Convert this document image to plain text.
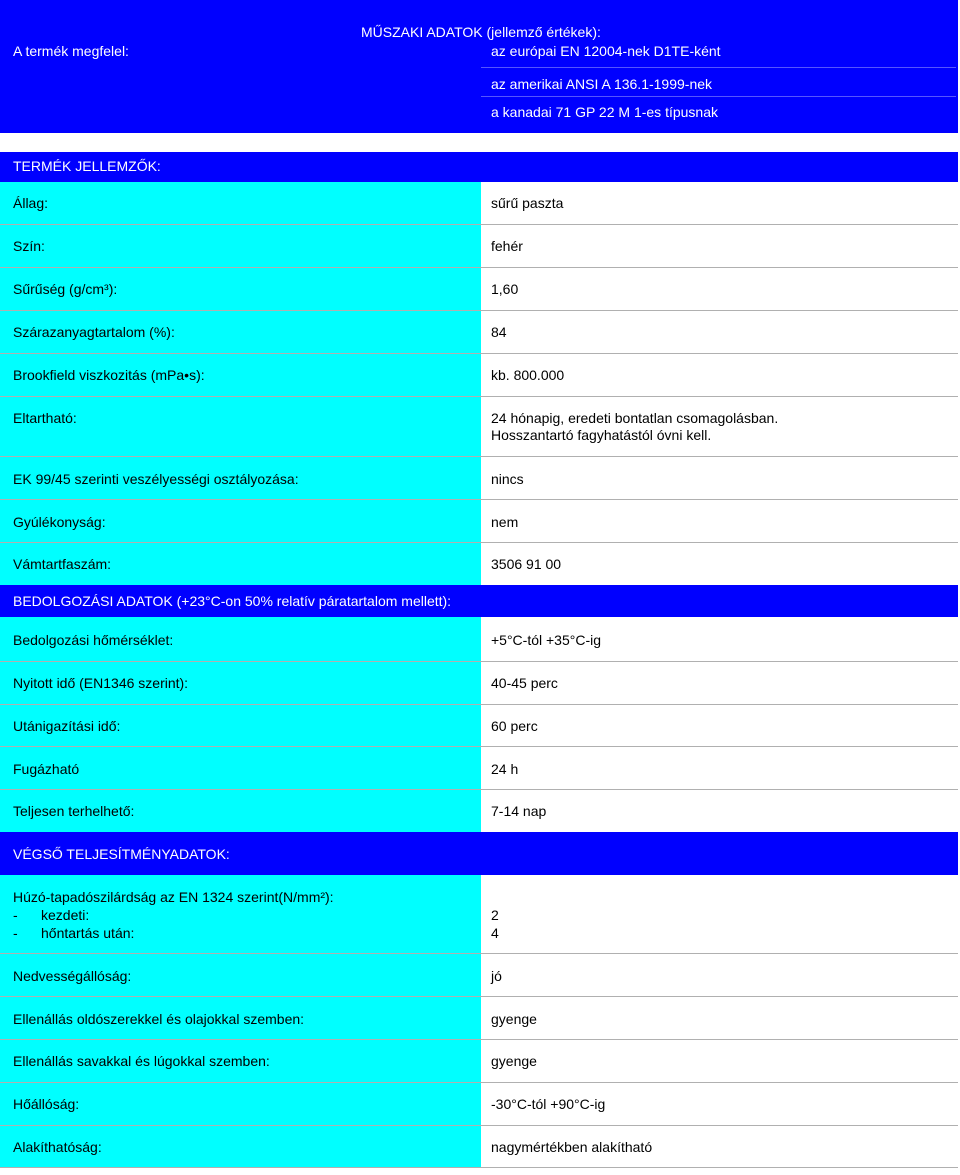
MŰSZAKI ADATOK (jellemző értékek):
A termék megfelel:	az európai EN 12004-nek D1TE-ként
az amerikai ANSI A 136.1-1999-nek
a kanadai 71 GP 22 M 1-es típusnak
TERMÉK JELLEMZŐK:
Állag:	sűrű paszta
Szín:	fehér
Sűrűség (g/cm³):	1,60
Szárazanyagtartalom (%):	84
Brookfield viszkozitás (mPa•s):	kb. 800.000
Eltartható:	24 hónapig, eredeti bontatlan csomagolásban.
Hosszantartó fagyhatástól óvni kell.
EK 99/45 szerinti veszélyességi osztályozása:	nincs
Gyúlékonyság:	nem
Vámtartfaszám:	3506 91 00
BEDOLGOZÁSI ADATOK (+23°C-on 50% relatív páratartalom mellett):
Bedolgozási hőmérséklet:	+5°C-tól +35°C-ig
Nyitott idő (EN1346 szerint):	40-45 perc
Utánigazítási idő:	60 perc
Fugázható	24 h
Teljesen terhelhető:	7-14 nap
VÉGSŐ TELJESÍTMÉNYADATOK:
Húzó-tapadószilárdság az EN 1324 szerint(N/mm²):
- kezdeti:	2
- hőntartás után:	4
Nedvességállóság:	jó
Ellenállás oldószerekkel és olajokkal szemben:	gyenge
Ellenállás savakkal és lúgokkal szemben:	gyenge
Hőállóság:	-30°C-tól +90°C-ig
Alakíthatóság:	nagymértékben alakítható
